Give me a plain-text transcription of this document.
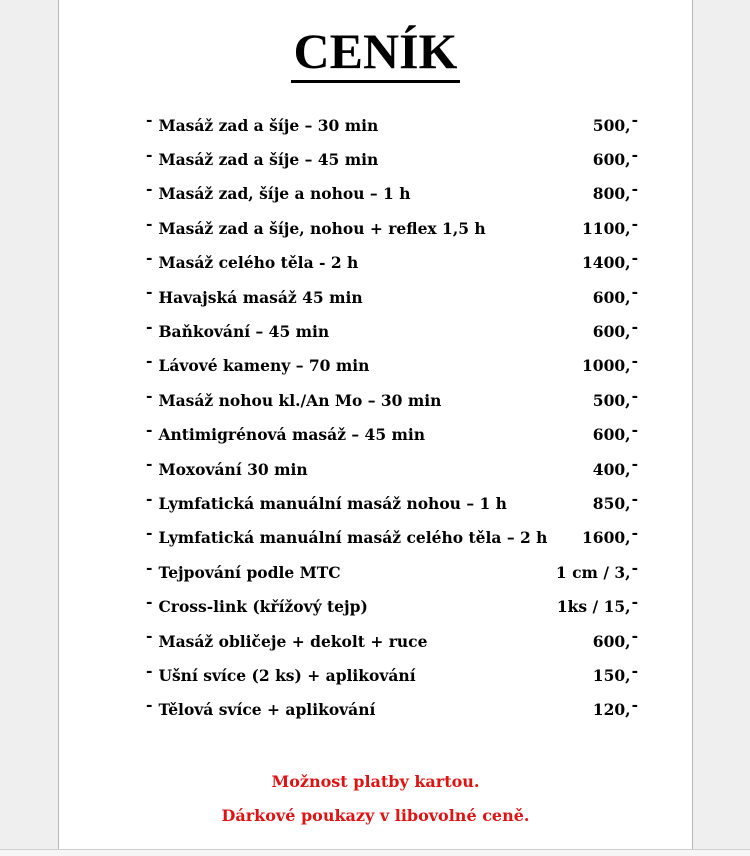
CENÍK
- Masáž zad a šíje – 30 min	500,-
- Masáž zad a šíje – 45 min	600,-
- Masáž zad, šíje a nohou – 1 h	800,-
- Masáž zad a šíje, nohou + reflex 1,5 h	1100,-
- Masáž celého těla - 2 h	1400,-
- Havajská masáž 45 min	600,-
- Baňkování – 45 min	600,-
- Lávové kameny – 70 min	1000,-
- Masáž nohou kl./An Mo – 30 min	500,-
- Antimigrénová masáž – 45 min	600,-
- Moxování 30 min	400,-
- Lymfatická manuální masáž nohou – 1 h	850,-
- Lymfatická manuální masáž celého těla – 2 h 1600,-
- Tejpování podle MTC	1 cm / 3,-
- Cross-link (křížový tejp)	1ks / 15,-
- Masáž obličeje + dekolt + ruce	600,-
- Ušní svíce (2 ks) + aplikování	150,-
- Tělová svíce + aplikování	120,-
Možnost platby kartou.
Dárkové poukazy v libovolné ceně.
